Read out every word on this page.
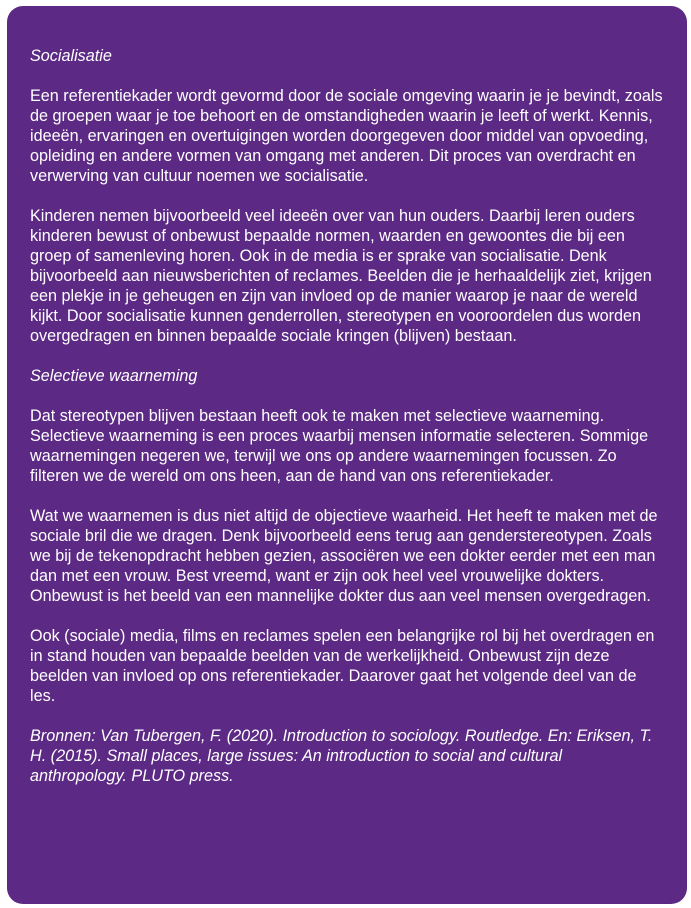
Socialisatie

Een referentiekader wordt gevormd door de sociale omgeving waarin je je bevindt, zoals de groepen waar je toe behoort en de omstandigheden waarin je leeft of werkt. Kennis, ideeën, ervaringen en overtuigingen worden doorgegeven door middel van opvoeding, opleiding en andere vormen van omgang met anderen. Dit proces van overdracht en verwerving van cultuur noemen we socialisatie.

Kinderen nemen bijvoorbeeld veel ideeën over van hun ouders. Daarbij leren ouders kinderen bewust of onbewust bepaalde normen, waarden en gewoontes die bij een groep of samenleving horen. Ook in de media is er sprake van socialisatie. Denk bijvoorbeeld aan nieuwsberichten of reclames. Beelden die je herhaaldelijk ziet, krijgen een plekje in je geheugen en zijn van invloed op de manier waarop je naar de wereld kijkt. Door socialisatie kunnen genderrollen, stereotypen en vooroordelen dus worden overgedragen en binnen bepaalde sociale kringen (blijven) bestaan.

Selectieve waarneming

Dat stereotypen blijven bestaan heeft ook te maken met selectieve waarneming. Selectieve waarneming is een proces waarbij mensen informatie selecteren. Sommige waarnemingen negeren we, terwijl we ons op andere waarnemingen focussen. Zo filteren we de wereld om ons heen, aan de hand van ons referentiekader.

Wat we waarnemen is dus niet altijd de objectieve waarheid. Het heeft te maken met de sociale bril die we dragen. Denk bijvoorbeeld eens terug aan genderstereotypen. Zoals we bij de tekenopdracht hebben gezien, associëren we een dokter eerder met een man dan met een vrouw. Best vreemd, want er zijn ook heel veel vrouwelijke dokters. Onbewust is het beeld van een mannelijke dokter dus aan veel mensen overgedragen.

Ook (sociale) media, films en reclames spelen een belangrijke rol bij het overdragen en in stand houden van bepaalde beelden van de werkelijkheid. Onbewust zijn deze beelden van invloed op ons referentiekader. Daarover gaat het volgende deel van de les.

Bronnen: Van Tubergen, F. (2020). Introduction to sociology. Routledge. En: Eriksen, T. H. (2015). Small places, large issues: An introduction to social and cultural anthropology. PLUTO press.
